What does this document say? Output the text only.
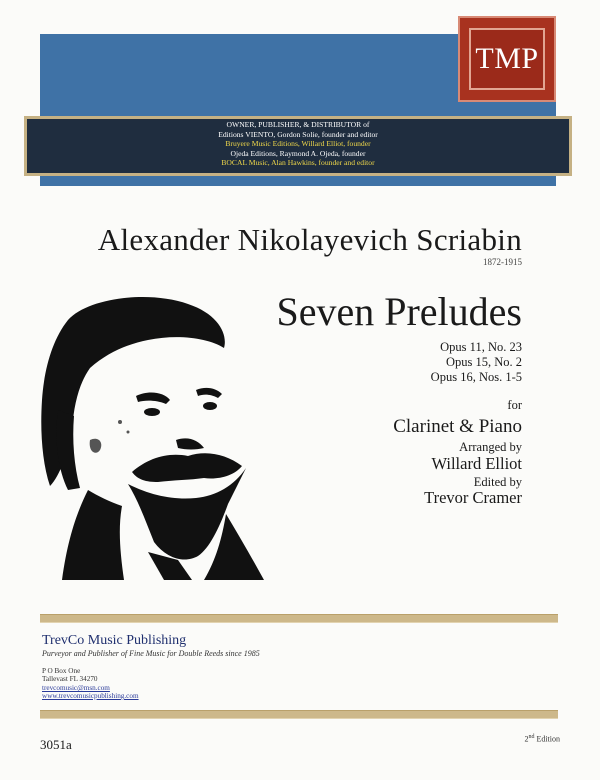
TMP
OWNER, PUBLISHER, & DISTRIBUTOR of
Editions VIENTO, Gordon Solie, founder and editor
Bruyere Music Editions, Willard Elliot, founder
Ojeda Editions, Raymond A. Ojeda, founder
BOCAL Music, Alan Hawkins, founder and editor
Alexander Nikolayevich Scriabin
1872-1915
Seven Preludes
Opus 11, No. 23
Opus 15, No. 2
Opus 16, Nos. 1-5
for
Clarinet & Piano
Arranged by
Willard Elliot
Edited by
Trevor Cramer
TrevCo Music Publishing
Purveyor and Publisher of Fine Music for Double Reeds since 1985
P O Box One
Tallevast FL 34270
trevcomusic@msn.com
www.trevcomusicpublishing.com
3051a	2nd Edition
